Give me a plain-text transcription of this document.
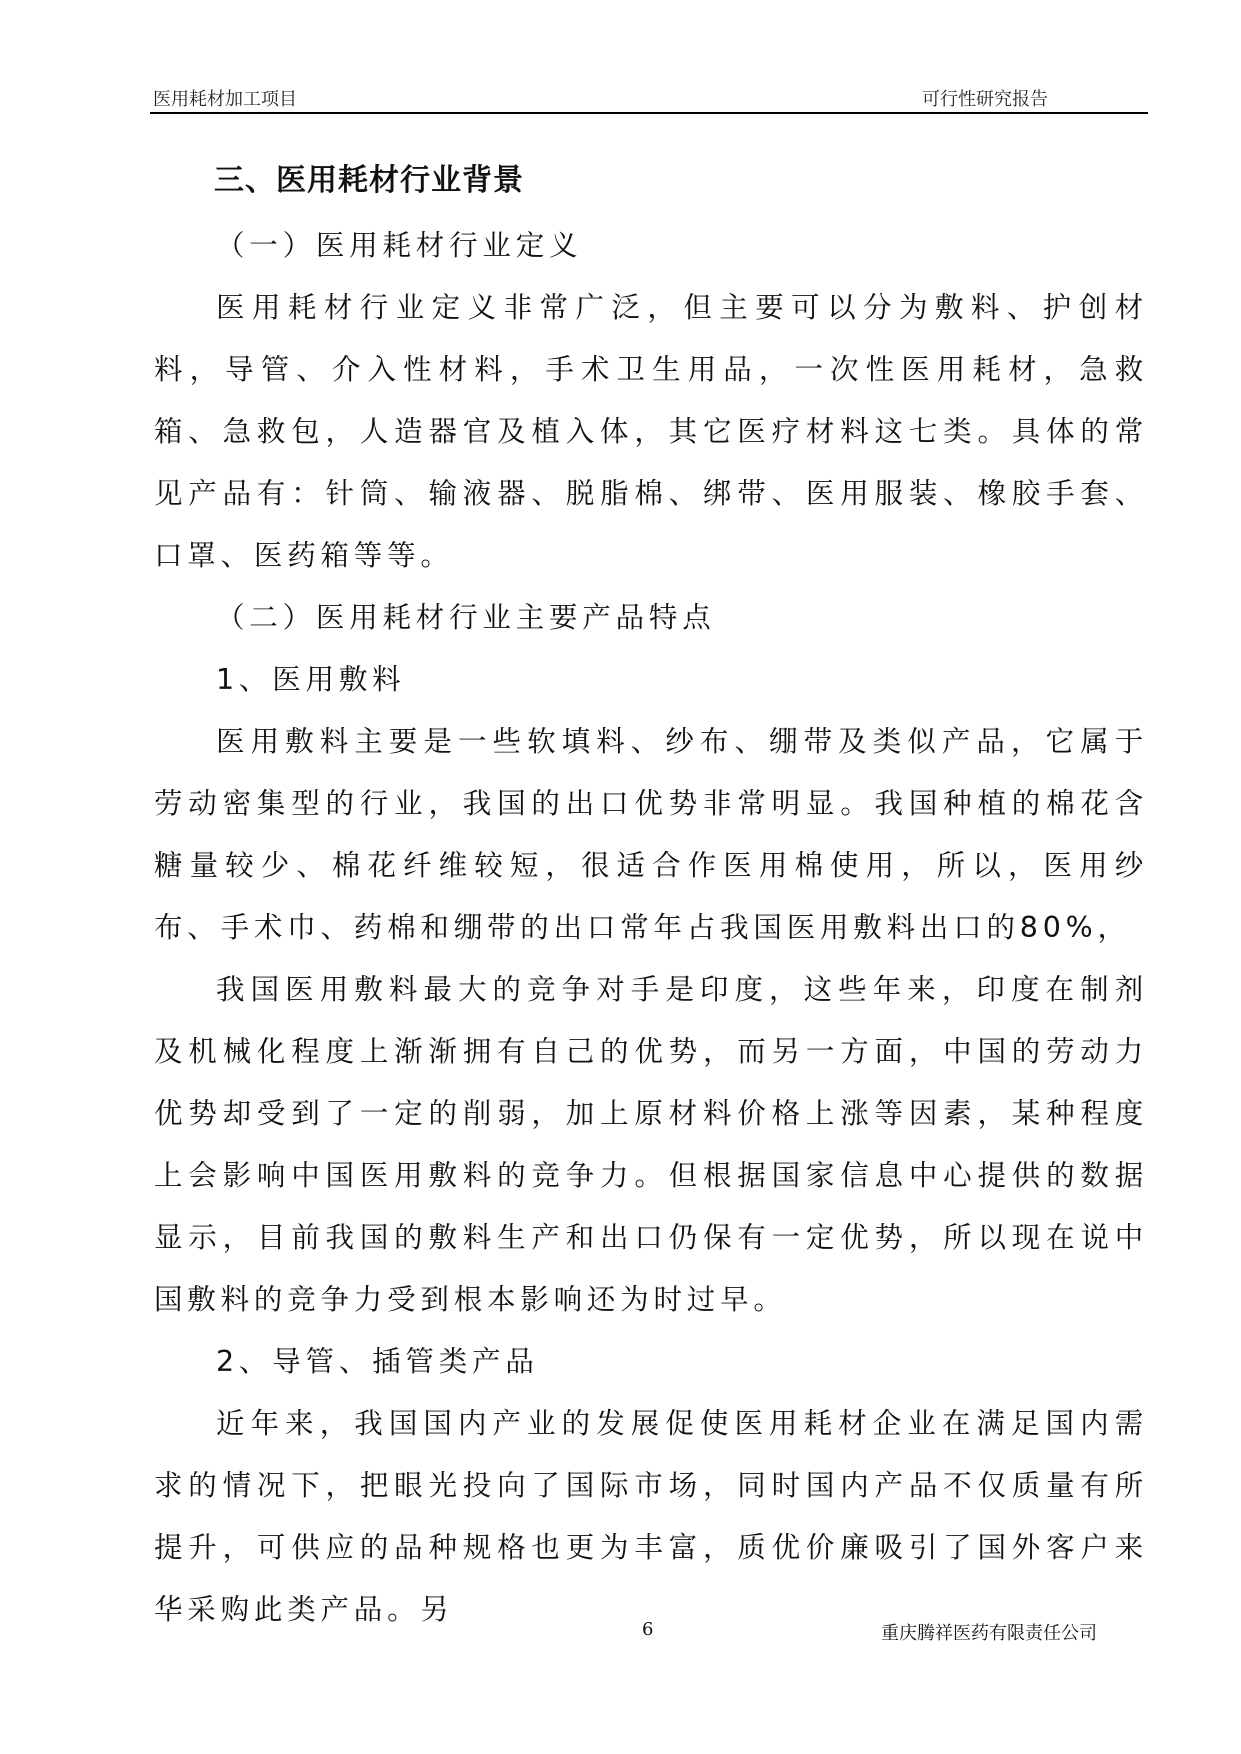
医用耗材加工项目	可行性研究报告
三、医用耗材行业背景

（一）医用耗材行业定义

医用耗材行业定义非常广泛，但主要可以分为敷料、护创材料，导管、介入性材料，手术卫生用品，一次性医用耗材，急救箱、急救包，人造器官及植入体，其它医疗材料这七类。具体的常见产品有：针筒、输液器、脱脂棉、绑带、医用服装、橡胶手套、口罩、医药箱等等。

（二）医用耗材行业主要产品特点

1、医用敷料

医用敷料主要是一些软填料、纱布、绷带及类似产品，它属于劳动密集型的行业，我国的出口优势非常明显。我国种植的棉花含糖量较少、棉花纤维较短，很适合作医用棉使用，所以，医用纱布、手术巾、药棉和绷带的出口常年占我国医用敷料出口的80%，

我国医用敷料最大的竞争对手是印度，这些年来，印度在制剂及机械化程度上渐渐拥有自己的优势，而另一方面，中国的劳动力优势却受到了一定的削弱，加上原材料价格上涨等因素，某种程度上会影响中国医用敷料的竞争力。但根据国家信息中心提供的数据显示，目前我国的敷料生产和出口仍保有一定优势，所以现在说中国敷料的竞争力受到根本影响还为时过早。

2、导管、插管类产品

近年来，我国国内产业的发展促使医用耗材企业在满足国内需求的情况下，把眼光投向了国际市场，同时国内产品不仅质量有所提升，可供应的品种规格也更为丰富，质优价廉吸引了国外客户来华采购此类产品。另

6	重庆腾祥医药有限责任公司
